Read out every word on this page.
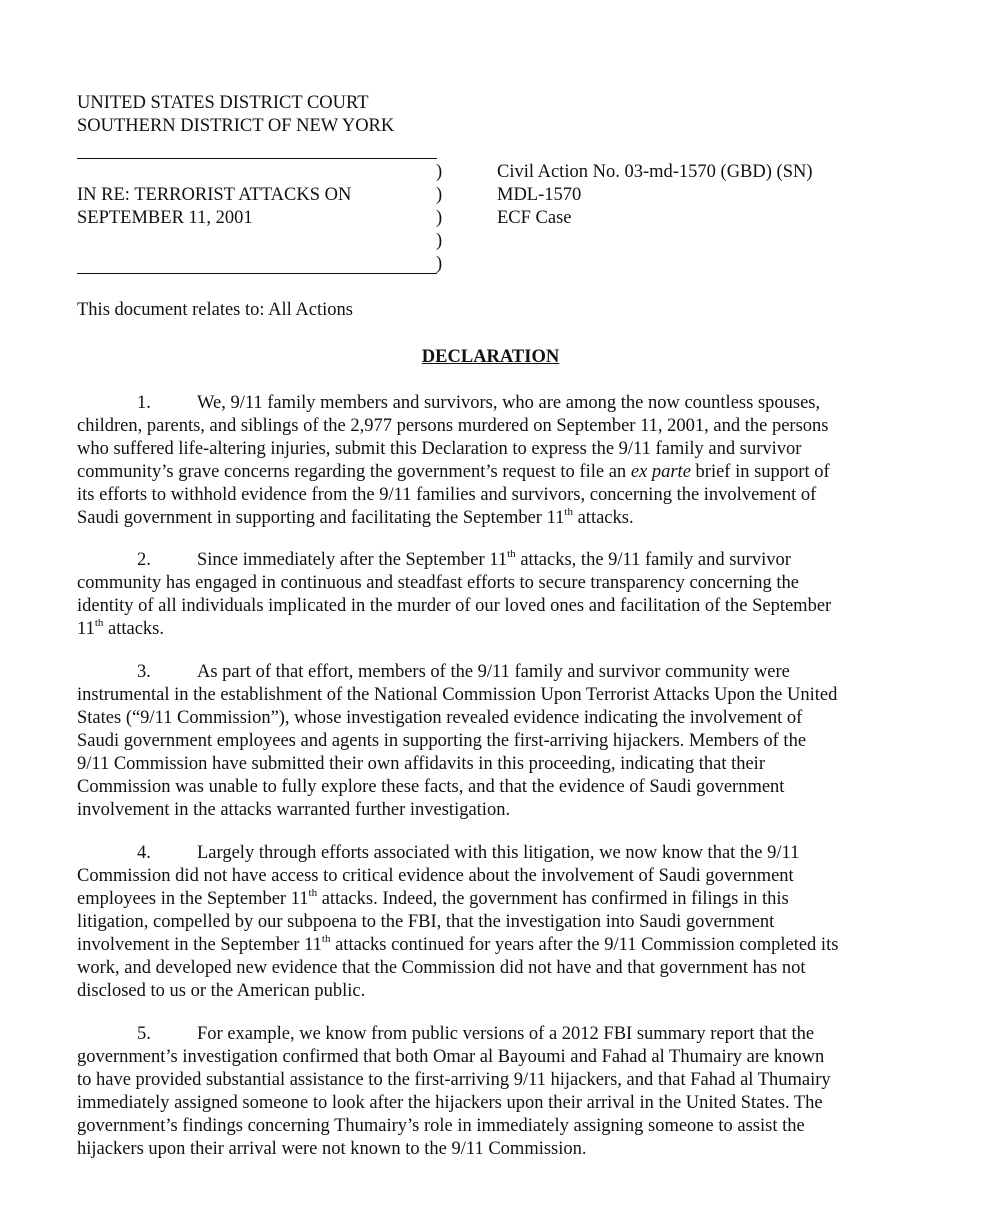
UNITED STATES DISTRICT COURT
SOUTHERN DISTRICT OF NEW YORK
)
)
)
)
)
IN RE: TERRORIST ATTACKS ON
SEPTEMBER 11, 2001
Civil Action No. 03-md-1570 (GBD) (SN)
MDL-1570
ECF Case
This document relates to: All Actions
DECLARATION
1. We, 9/11 family members and survivors, who are among the now countless spouses,
children, parents, and siblings of the 2,977 persons murdered on September 11, 2001, and the persons
who suffered life-altering injuries, submit this Declaration to express the 9/11 family and survivor
community’s grave concerns regarding the government’s request to file an ex parte brief in support of
its efforts to withhold evidence from the 9/11 families and survivors, concerning the involvement of
Saudi government in supporting and facilitating the September 11th attacks.
2. Since immediately after the September 11th attacks, the 9/11 family and survivor
community has engaged in continuous and steadfast efforts to secure transparency concerning the
identity of all individuals implicated in the murder of our loved ones and facilitation of the September
11th attacks.
3. As part of that effort, members of the 9/11 family and survivor community were
instrumental in the establishment of the National Commission Upon Terrorist Attacks Upon the United
States (“9/11 Commission”), whose investigation revealed evidence indicating the involvement of
Saudi government employees and agents in supporting the first-arriving hijackers. Members of the
9/11 Commission have submitted their own affidavits in this proceeding, indicating that their
Commission was unable to fully explore these facts, and that the evidence of Saudi government
involvement in the attacks warranted further investigation.
4. Largely through efforts associated with this litigation, we now know that the 9/11
Commission did not have access to critical evidence about the involvement of Saudi government
employees in the September 11th attacks. Indeed, the government has confirmed in filings in this
litigation, compelled by our subpoena to the FBI, that the investigation into Saudi government
involvement in the September 11th attacks continued for years after the 9/11 Commission completed its
work, and developed new evidence that the Commission did not have and that government has not
disclosed to us or the American public.
5. For example, we know from public versions of a 2012 FBI summary report that the
government’s investigation confirmed that both Omar al Bayoumi and Fahad al Thumairy are known
to have provided substantial assistance to the first-arriving 9/11 hijackers, and that Fahad al Thumairy
immediately assigned someone to look after the hijackers upon their arrival in the United States. The
government’s findings concerning Thumairy’s role in immediately assigning someone to assist the
hijackers upon their arrival were not known to the 9/11 Commission.
